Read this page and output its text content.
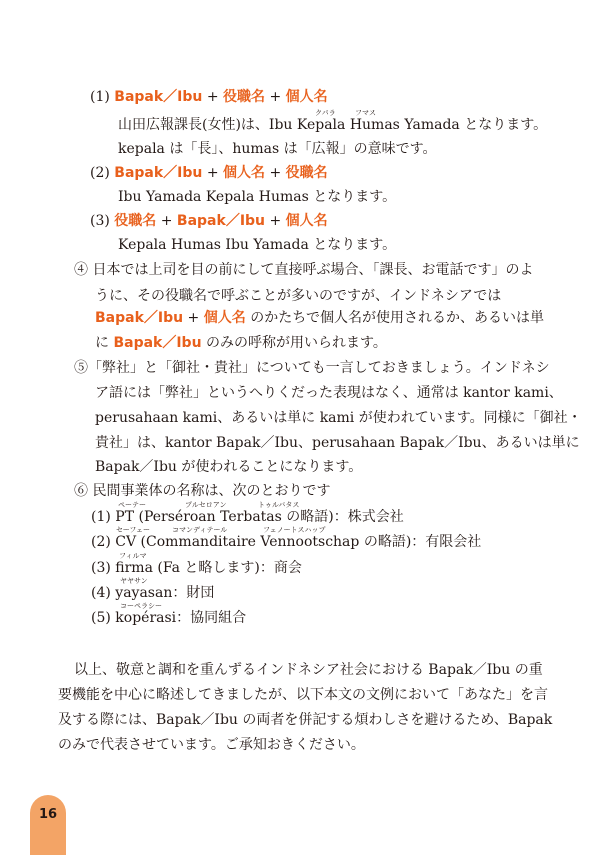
(1) Bapak／Ibu + 役職名 + 個人名
山田広報課長(女性)は、Ibu Kepala Humas Yamada となります。
kepala は「長」、humas は「広報」の意味です。
(2) Bapak／Ibu + 個人名 + 役職名
Ibu Yamada Kepala Humas となります。
(3) 役職名 + Bapak／Ibu + 個人名
Kepala Humas Ibu Yamada となります。
④ 日本では上司を目の前にして直接呼ぶ場合、「課長、お電話です」のよ
うに、その役職名で呼ぶことが多いのですが、インドネシアでは
Bapak／Ibu + 個人名 のかたちで個人名が使用されるか、あるいは単
に Bapak／Ibu のみの呼称が用いられます。
⑤「弊社」と「御社・貴社」についても一言しておきましょう。インドネシ
ア語には「弊社」というへりくだった表現はなく、通常は kantor kami、
perusahaan kami、あるいは単に kami が使われています。同様に「御社・
貴社」は、kantor Bapak／Ibu、perusahaan Bapak／Ibu、あるいは単に
Bapak／Ibu が使われることになります。
⑥ 民間事業体の名称は、次のとおりです
(1) PT (Perséroan Terbatas の略語)：株式会社
(2) CV (Commanditaire Vennootschap の略語)：有限会社
(3) firma (Fa と略します)：商会
(4) yayasan：財団
(5) kopérasi：協同組合
以上、敬意と調和を重んずるインドネシア社会における Bapak／Ibu の重
要機能を中心に略述してきましたが、以下本文の文例において「あなた」を言
及する際には、Bapak／Ibu の両者を併記する煩わしさを避けるため、Bapak
のみで代表させています。ご承知おきください。
クパラ	フマス
ペーテー	プルセロアン	トゥルバタス
セーフェー	コマンディテール	フェノートスハップ
フィルマ
ヤヤサン
コーペラシー
16
